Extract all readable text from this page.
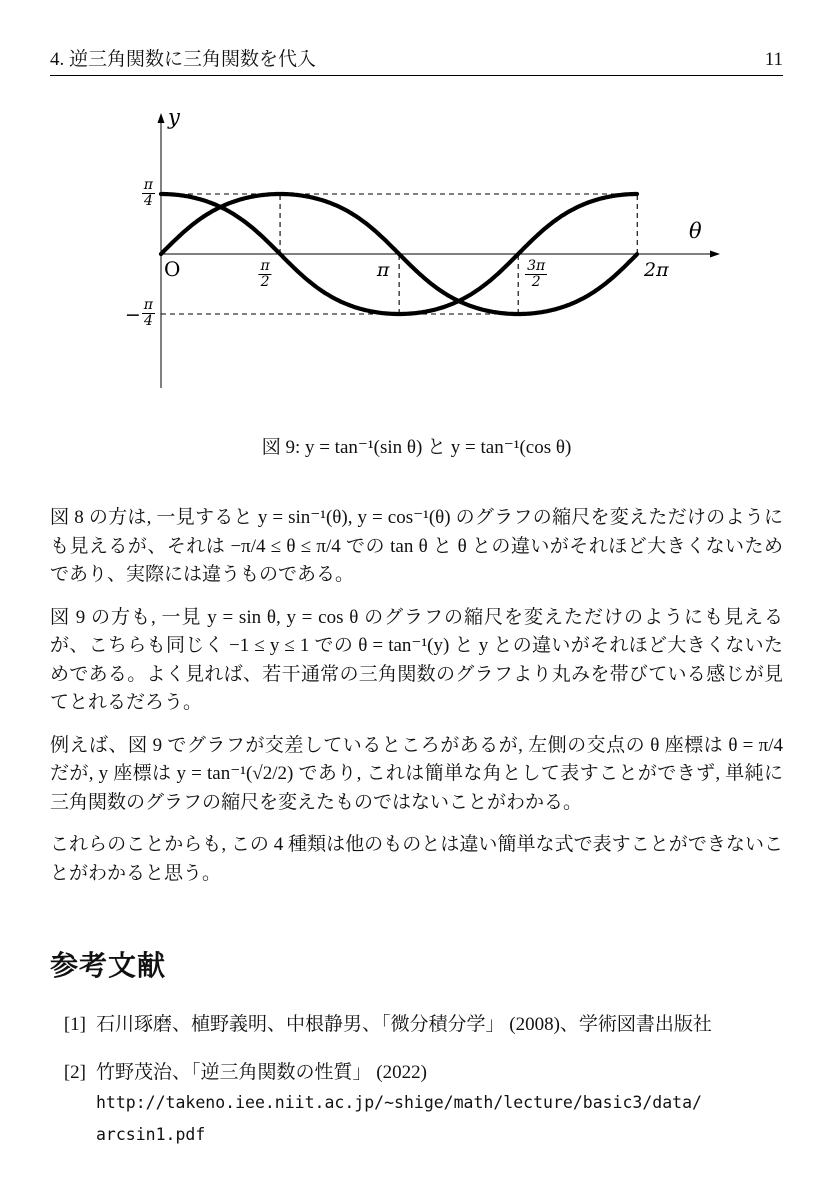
4. 逆三角関数に三角関数を代入	11
$\frac{\pi}{2}$	π	$\frac{3\pi}{2}$	2π
$\frac{\pi}{4}$
− $\frac{\pi}{4}$
y
θ
O
図 9: y = tan⁻¹(sin θ) と y = tan⁻¹(cos θ)

図 8 の方は, 一見すると y = sin⁻¹(θ), y = cos⁻¹(θ) のグラフの縮尺を変えただけのようにも見えるが、それは −π/4 ≤ θ ≤ π/4 での tan θ と θ との違いがそれほど大きくないためであり、実際には違うものである。

図 9 の方も, 一見 y = sin θ, y = cos θ のグラフの縮尺を変えただけのようにも見えるが、こちらも同じく −1 ≤ y ≤ 1 での θ = tan⁻¹(y) と y との違いがそれほど大きくないためである。よく見れば、若干通常の三角関数のグラフより丸みを帯びている感じが見てとれるだろう。

例えば、図 9 でグラフが交差しているところがあるが, 左側の交点の θ 座標は θ = π/4 だが, y 座標は y = tan⁻¹(√2/2) であり, これは簡単な角として表すことができず, 単純に三角関数のグラフの縮尺を変えたものではないことがわかる。

これらのことからも, この 4 種類は他のものとは違い簡単な式で表すことができないことがわかると思う。

参考文献
[1] 石川琢磨、植野義明、中根静男、「微分積分学」 (2008)、学術図書出版社
[2] 竹野茂治、「逆三角関数の性質」 (2022)
http://takeno.iee.niit.ac.jp/~shige/math/lecture/basic3/data/
arcsin1.pdf
